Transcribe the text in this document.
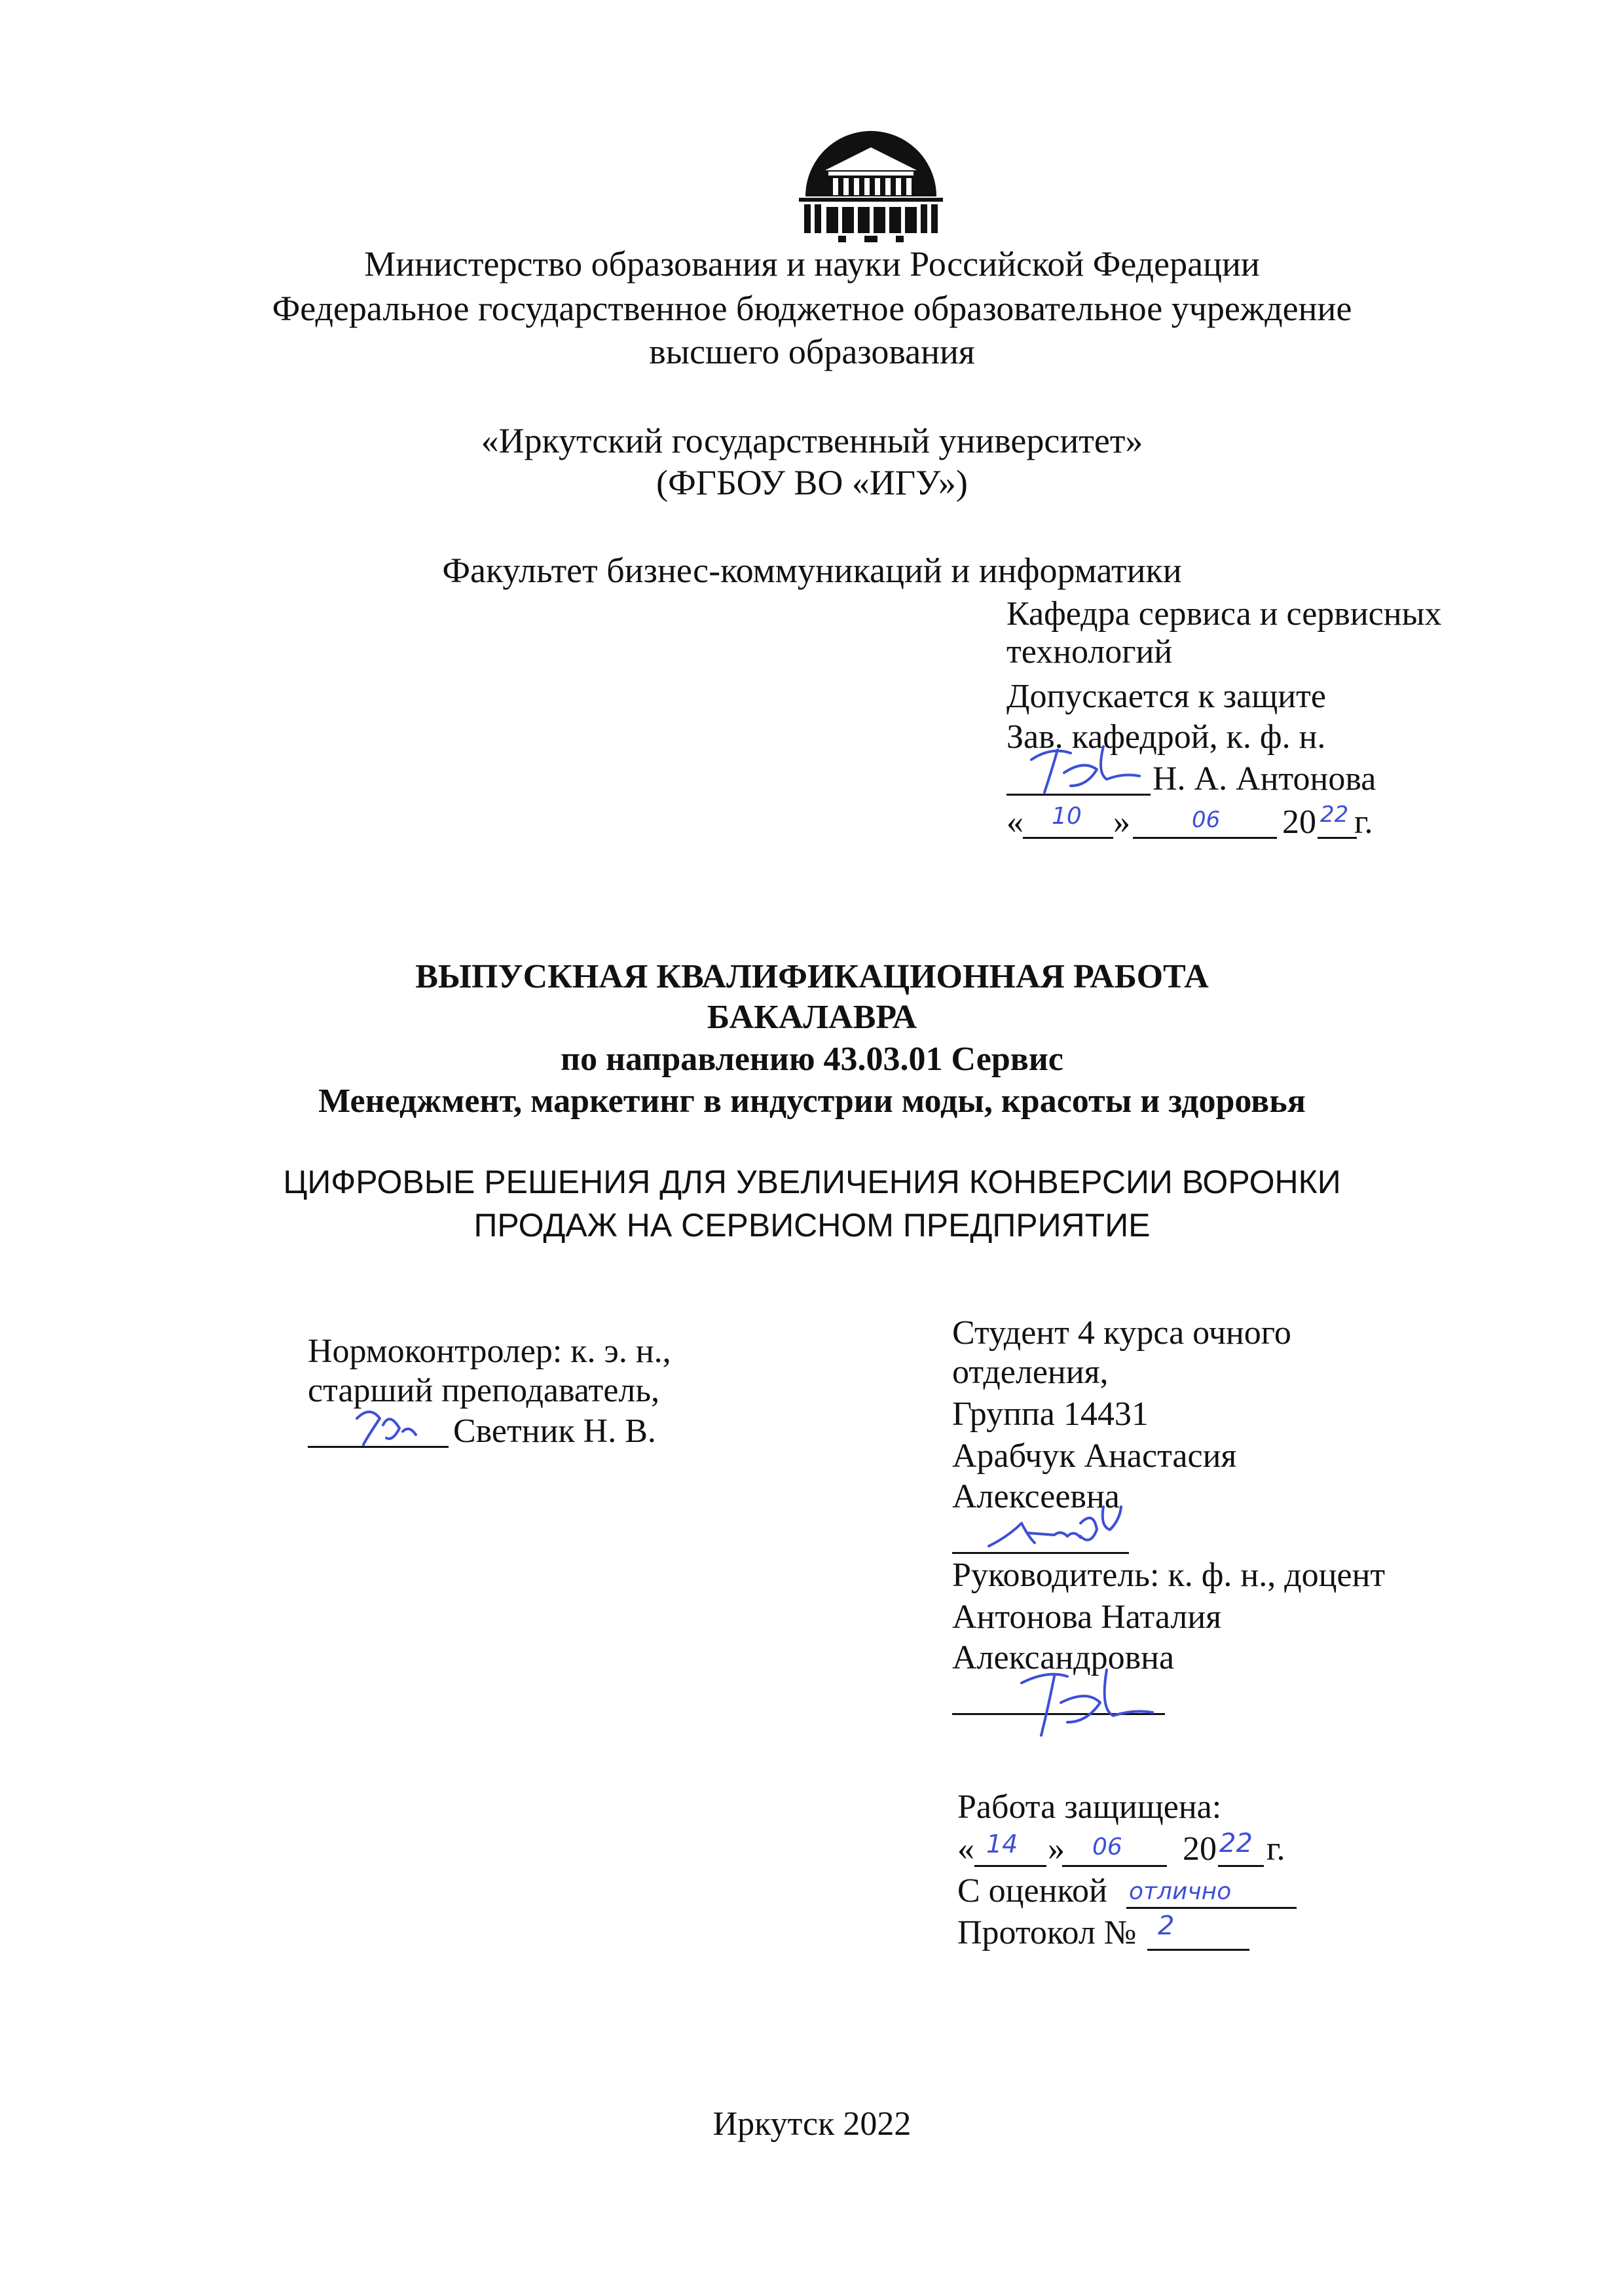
Министерство образования и науки Российской Федерации
Федеральное государственное бюджетное образовательное учреждение
высшего образования
«Иркутский государственный университет»
(ФГБОУ ВО «ИГУ»)
Факультет бизнес-коммуникаций и информатики
Кафедра сервиса и сервисных
технологий
Допускается к защите
Зав. кафедрой, к. ф. н.
Н. А. Антонова
« 10 »	06 20 22 г.
ВЫПУСКНАЯ КВАЛИФИКАЦИОННАЯ РАБОТА
БАКАЛАВРА
по направлению 43.03.01 Сервис
Менеджмент, маркетинг в индустрии моды, красоты и здоровья
ЦИФРОВЫЕ РЕШЕНИЯ ДЛЯ УВЕЛИЧЕНИЯ КОНВЕРСИИ ВОРОНКИ
ПРОДАЖ НА СЕРВИСНОМ ПРЕДПРИЯТИЕ
Нормоконтролер: к. э. н.,
старший преподаватель,
Светник Н. В.
Студент 4 курса очного
отделения,
Группа 14431
Арабчук Анастасия
Алексеевна
Руководитель: к. ф. н., доцент
Антонова Наталия
Александровна
Работа защищена:
« 14 » 06 20 22 г.
С оценкой отлично
Протокол № 2
Иркутск 2022
